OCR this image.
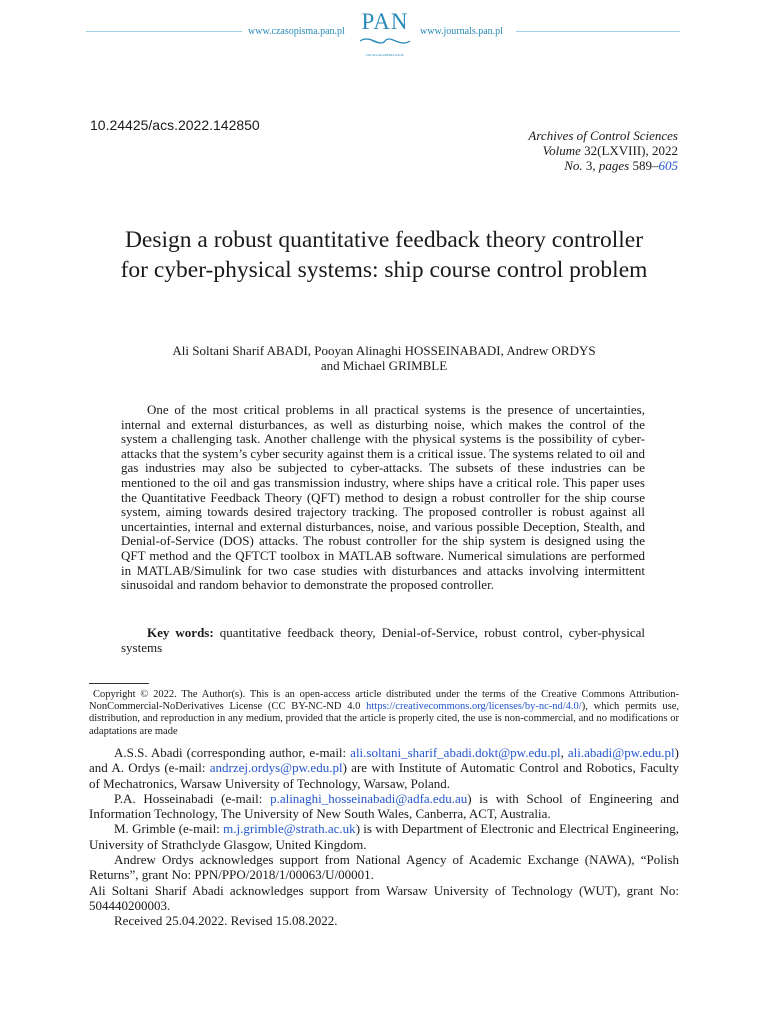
www.czasopisma.pan.pl PAN
POLSKA AKADEMIA NAUK
www.journals.pan.pl
10.24425/acs.2022.142850
Archives of Control Sciences
Volume 32(LXVIII), 2022
No. 3, pages 589–605
Design a robust quantitative feedback theory controller
for cyber-physical systems: ship course control problem
Ali Soltani Sharif ABADI, Pooyan Alinaghi HOSSEINABADI, Andrew ORDYS
and Michael GRIMBLE

One of the most critical problems in all practical systems is the presence of uncertainties, internal and external disturbances, as well as disturbing noise, which makes the control of the system a challenging task. Another challenge with the physical systems is the possibility of cyber-attacks that the system’s cyber security against them is a critical issue. The systems related to oil and gas industries may also be subjected to cyber-attacks. The subsets of these industries can be mentioned to the oil and gas transmission industry, where ships have a critical role. This paper uses the Quantitative Feedback Theory (QFT) method to design a robust controller for the ship course system, aiming towards desired trajectory tracking. The proposed controller is robust against all uncertainties, internal and external disturbances, noise, and various possible Deception, Stealth, and Denial-of-Service (DOS) attacks. The robust controller for the ship system is designed using the QFT method and the QFTCT toolbox in MATLAB software. Numerical simulations are performed in MATLAB/Simulink for two case studies with disturbances and attacks involving intermittent sinusoidal and random behavior to demonstrate the proposed controller.

Key words: quantitative feedback theory, Denial-of-Service, robust control, cyber-physical systems

Copyright © 2022. The Author(s). This is an open-access article distributed under the terms of the Creative Commons Attribution-NonCommercial-NoDerivatives License (CC BY-NC-ND 4.0 https://creativecommons.org/licenses/by-nc-nd/4.0/), which permits use, distribution, and reproduction in any medium, provided that the article is properly cited, the use is non-commercial, and no modifications or adaptations are made

A.S.S. Abadi (corresponding author, e-mail: ali.soltani_sharif_abadi.dokt@pw.edu.pl, ali.abadi@pw.edu.pl) and A. Ordys (e-mail: andrzej.ordys@pw.edu.pl) are with Institute of Automatic Control and Robotics, Faculty of Mechatronics, Warsaw University of Technology, Warsaw, Poland.

P.A. Hosseinabadi (e-mail: p.alinaghi_hosseinabadi@adfa.edu.au) is with School of Engineering and Information Technology, The University of New South Wales, Canberra, ACT, Australia.

M. Grimble (e-mail: m.j.grimble@strath.ac.uk) is with Department of Electronic and Electrical Engineering, University of Strathclyde Glasgow, United Kingdom.

Andrew Ordys acknowledges support from National Agency of Academic Exchange (NAWA), “Polish Returns”, grant No: PPN/PPO/2018/1/00063/U/00001.

Ali Soltani Sharif Abadi acknowledges support from Warsaw University of Technology (WUT), grant No: 504440200003.

Received 25.04.2022. Revised 15.08.2022.
